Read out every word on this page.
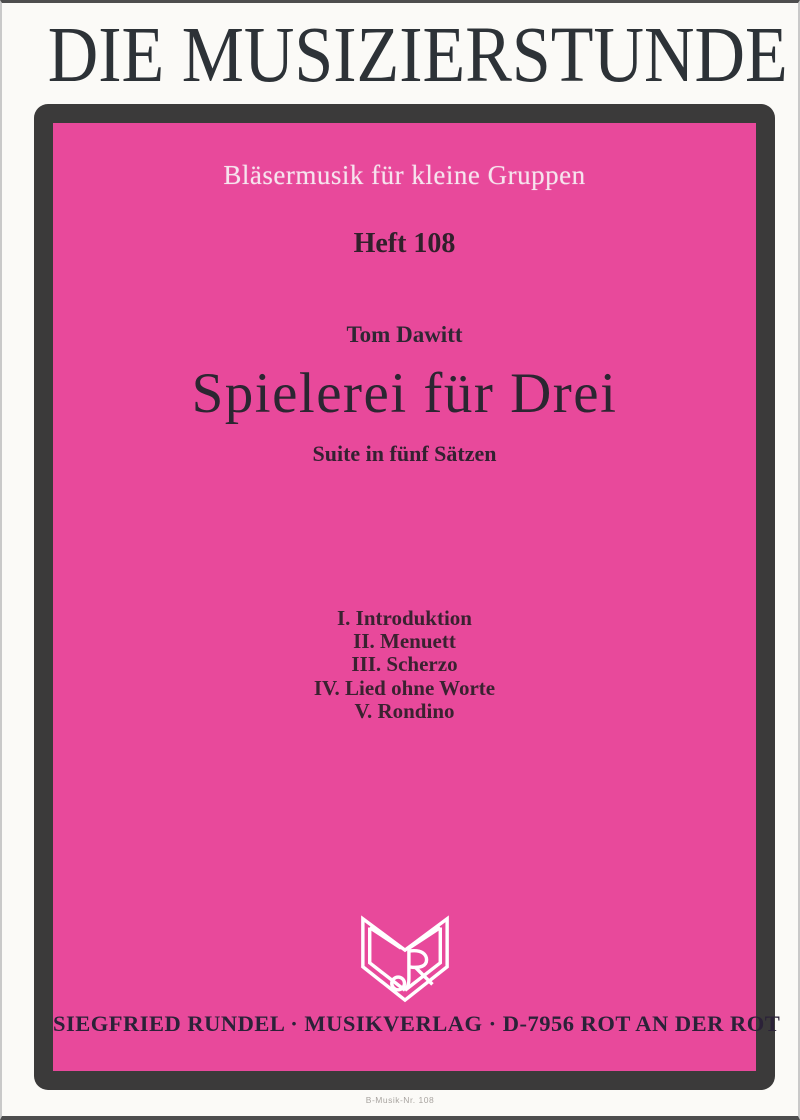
DIE MUSIZIERSTUNDE
Bläsermusik für kleine Gruppen
Heft 108
Tom Dawitt
Spielerei für Drei
Suite in fünf Sätzen
I. Introduktion
II. Menuett
III. Scherzo
IV. Lied ohne Worte
V. Rondino
SIEGFRIED RUNDEL · MUSIKVERLAG · D-7956 ROT AN DER ROT
B-Musik-Nr. 108
